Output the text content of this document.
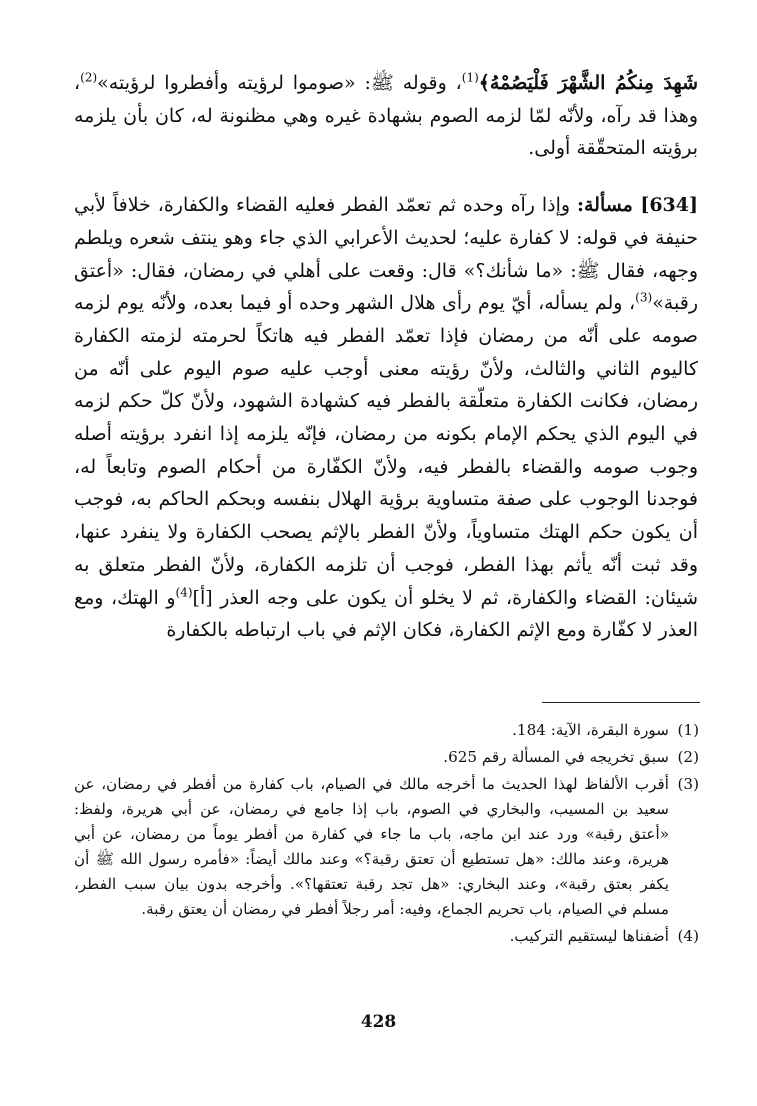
شَهِدَ مِنكُمُ الشَّهْرَ فَلْيَصُمْهُ﴾$^{(1)}$، وقوله ﷺ: «صوموا لرؤيته وأفطروا لرؤيته»$^{(2)}$، وهذا قد رآه، ولأنّه لمّا لزمه الصوم بشهادة غيره وهي مظنونة له، كان بأن يلزمه برؤيته المتحقّقة أولى.

[634] مسألة: وإذا رآه وحده ثم تعمّد الفطر فعليه القضاء والكفارة، خلافاً لأبي حنيفة في قوله: لا كفارة عليه؛ لحديث الأعرابي الذي جاء وهو ينتف شعره ويلطم وجهه، فقال ﷺ: «ما شأنك؟» قال: وقعت على أهلي في رمضان، فقال: «أعتق رقبة»$^{(3)}$، ولم يسأله، أيّ يوم رأى هلال الشهر وحده أو فيما بعده، ولأنّه يوم لزمه صومه على أنّه من رمضان فإذا تعمّد الفطر فيه هاتكاً لحرمته لزمته الكفارة كاليوم الثاني والثالث، ولأنّ رؤيته معنى أوجب عليه صوم اليوم على أنّه من رمضان، فكانت الكفارة متعلّقة بالفطر فيه كشهادة الشهود، ولأنّ كلّ حكم لزمه في اليوم الذي يحكم الإمام بكونه من رمضان، فإنّه يلزمه إذا انفرد برؤيته أصله وجوب صومه والقضاء بالفطر فيه، ولأنّ الكفّارة من أحكام الصوم وتابعاً له، فوجدنا الوجوب على صفة متساوية برؤية الهلال بنفسه وبحكم الحاكم به، فوجب أن يكون حكم الهتك متساوياً، ولأنّ الفطر بالإثم يصحب الكفارة ولا ينفرد عنها، وقد ثبت أنّه يأثم بهذا الفطر، فوجب أن تلزمه الكفارة، ولأنّ الفطر متعلق به شيئان: القضاء والكفارة، ثم لا يخلو أن يكون على وجه العذر [أ]$^{(4)}$و الهتك، ومع العذر لا كفّارة ومع الإثم الكفارة، فكان الإثم في باب ارتباطه بالكفارة

(1)
سورة البقرة، الآية: 184.
(2)
سبق تخريجه في المسألة رقم 625.
(3)
أقرب الألفاظ لهذا الحديث ما أخرجه مالك في الصيام، باب كفارة من أفطر في رمضان، عن سعيد بن المسيب، والبخاري في الصوم، باب إذا جامع في رمضان، عن أبي هريرة، ولفظ: «أعتق رقبة» ورد عند ابن ماجه، باب ما جاء في كفارة من أفطر يوماً من رمضان، عن أبي هريرة، وعند مالك: «هل تستطيع أن تعتق رقبة؟» وعند مالك أيضاً: «فأمره رسول الله ﷺ أن يكفر بعتق رقبة»، وعند البخاري: «هل تجد رقبة تعتقها؟». وأخرجه بدون بيان سبب الفطر، مسلم في الصيام، باب تحريم الجماع، وفيه: أمر رجلاً أفطر في رمضان أن يعتق رقبة.
(4)
أضفناها ليستقيم التركيب.
428
